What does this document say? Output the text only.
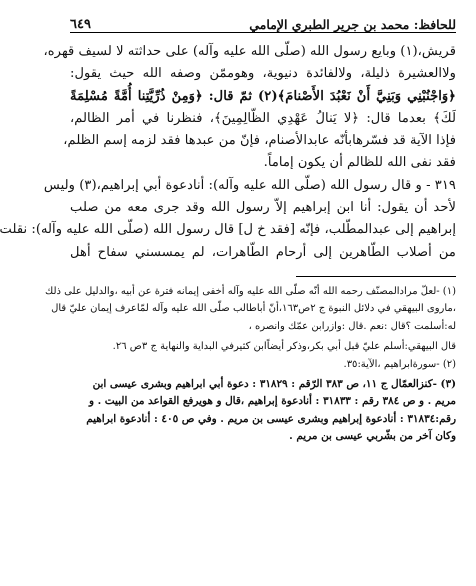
للحافظ: محمد بن جرير الطبري الإمامي
٦٤٩
قريش،(١) وبايع رسول الله (صلّى الله عليه وآله) على حداثته لا لسيف قهره،
ولاالعشيرة ذليلة، ولالفائدة دنيوية، وهوممّن وصفه الله حيث يقول:
﴿وَاجْنُبْنِي وَبَنِيَّ أَنْ نَعْبُدَ الأَصْنامَ﴾(٢) ثمّ قال: ﴿وَمِنْ ذُرِّيَّتِنا أُمَّةً مُسْلِمَةً
لَكَ﴾ بعدما قال: ﴿لا يَنالُ عَهْدِي الظّالِمِينَ﴾، فنظرنا في أمر الظالم،
فإذا الآية قد فسّرهابأنّه عابدالأصنام، فإنّ من عبدها فقد لزمه إسم الظلم،
فقد نفى الله للظالم أن يكون إماماً.
٣١٩ - و قال رسول الله (صلّى الله عليه وآله): أنادعوة أبي إبراهيم،(٣) وليس
لأحد أن يقول: أنا ابن إبراهيم إلاّ رسول الله وقد جرى معه من صلب
إبراهيم إلى عبدالمطّلب، فإنّه [فقد خ ل] قال رسول الله (صلّى الله عليه وآله): نقلت
من أصلاب الطّاهرين إلى أرحام الطّاهرات، لم يمسسني سفاح أهل
(١) -لعلّ مرادالمصنّف رحمه الله أنّه صلّى الله عليه وآله أخفى إيمانه فترة عن أبيه ،والدليل على ذلك
،ماروى البيهقي في دلائل النبوة ج ٢ص١٦٣،أنّ أباطالب صلّى الله عليه وآله لمّاعرف إيمان عليّ قال
له:أسلمت ؟قال :نعم .قال :وازرابن عمّك وانصره ،
قال البيهقي:أسلم عليّ قبل أبي بكر،وذكر أيضاًابن كثيرفي البداية والنهاية ج ٣ص ٢٦.
(٢) -سورةابراهيم ،الآية:٣٥.
(٣) -كنزالعمّال ج ١١، ص ٣٨٣ الرّقم : ٣١٨٢٩ : دعوة أبي ابراهيم وبشرى عيسى ابن
مريم . و ص ٣٨٤ رقم : ٣١٨٣٣ : أنادعوة إبراهيم ،قال و هويرفع القواعد من البيت . و
رقم:٣١٨٣٤ : أنادعوة إبراهيم وبشرى عيسى بن مريم . وفي ص ٤٠٥ : أنادعوة ابراهيم
وكان آخر من بشّربي عيسى بن مريم .
